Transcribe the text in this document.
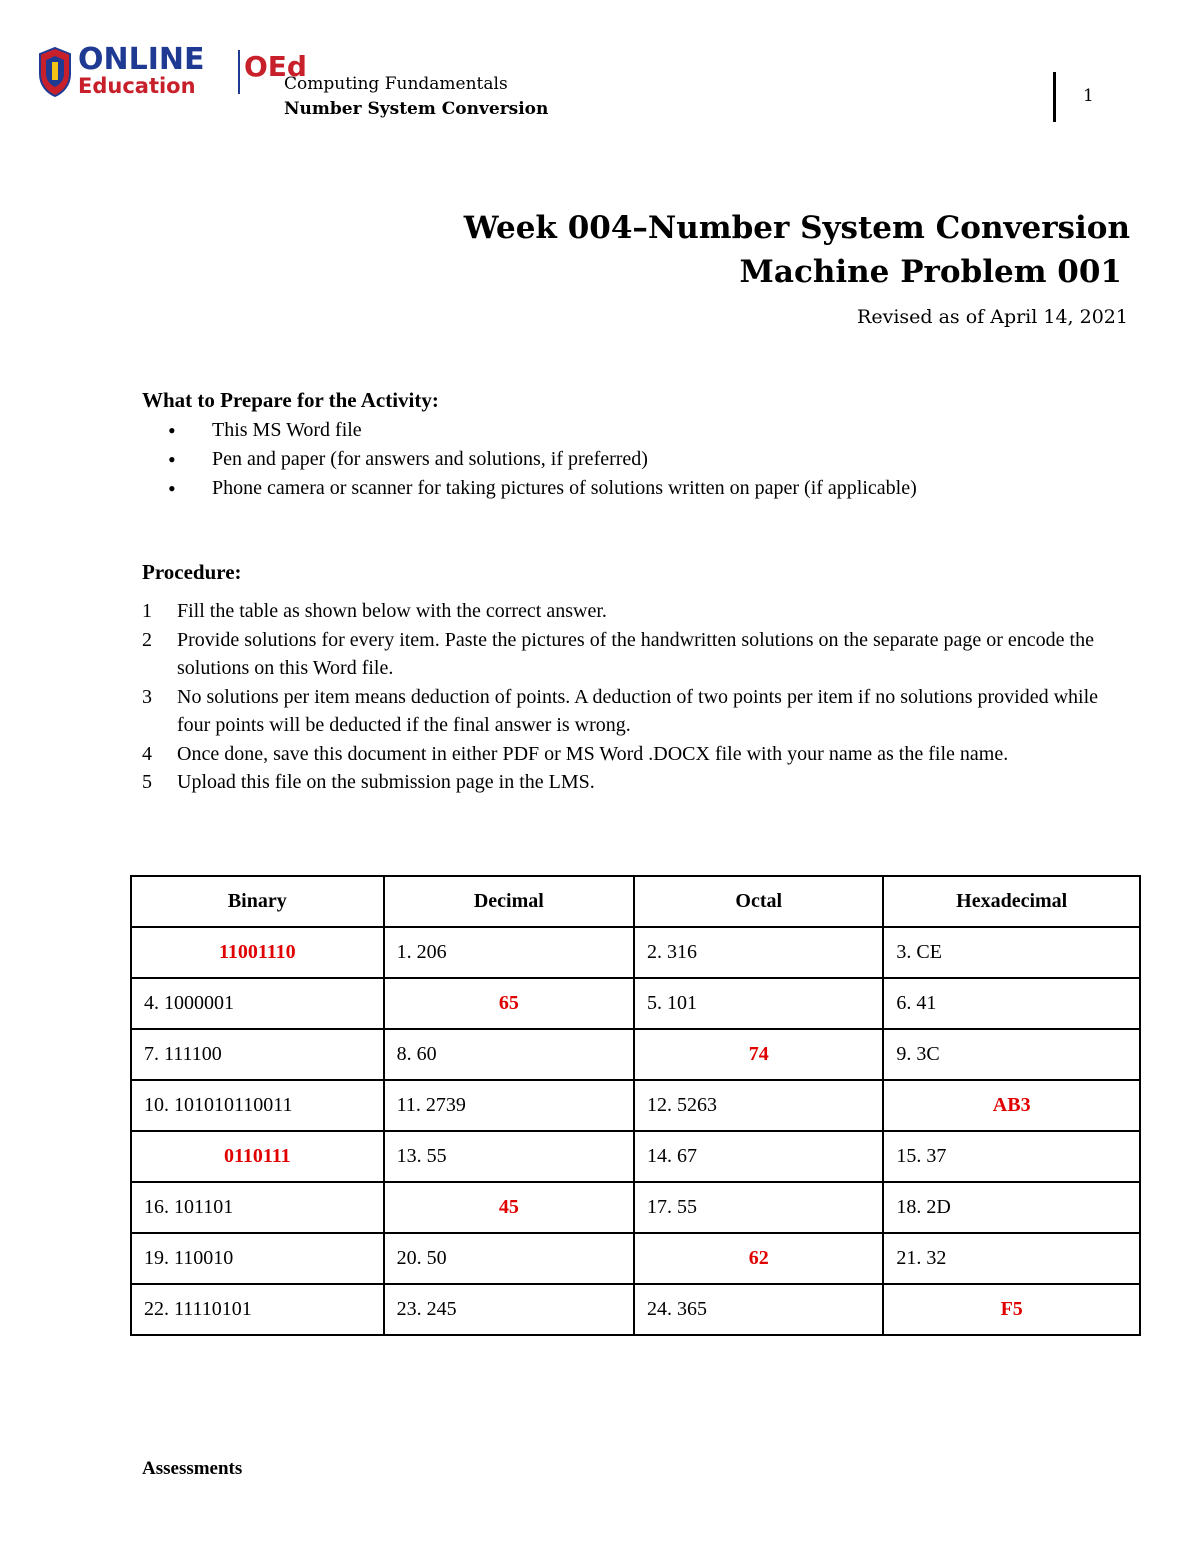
ONLINE
Education
OEd
Computing Fundamentals
Number System Conversion
1
Week 004–Number System Conversion
Machine Problem 001
Revised as of April 14, 2021
What to Prepare for the Activity:
• This MS Word file
• Pen and paper (for answers and solutions, if preferred)
• Phone camera or scanner for taking pictures of solutions written on paper (if applicable)
Procedure:
1 Fill the table as shown below with the correct answer.
2 Provide solutions for every item. Paste the pictures of the handwritten solutions on the separate page or encode the solutions on this Word file.
3 No solutions per item means deduction of points. A deduction of two points per item if no solutions provided while four points will be deducted if the final answer is wrong.
4 Once done, save this document in either PDF or MS Word .DOCX file with your name as the file name.
5 Upload this file on the submission page in the LMS.
Binary	Decimal	Octal	Hexadecimal
11001110	1. 206	2. 316	3. CE
4. 1000001	65	5. 101	6. 41
7. 111100	8. 60	74	9. 3C
10. 101010110011	11. 2739	12. 5263	AB3
0110111	13. 55	14. 67	15. 37
16. 101101	45	17. 55	18. 2D
19. 110010	20. 50	62	21. 32
22. 11110101	23. 245	24. 365	F5
Assessments
